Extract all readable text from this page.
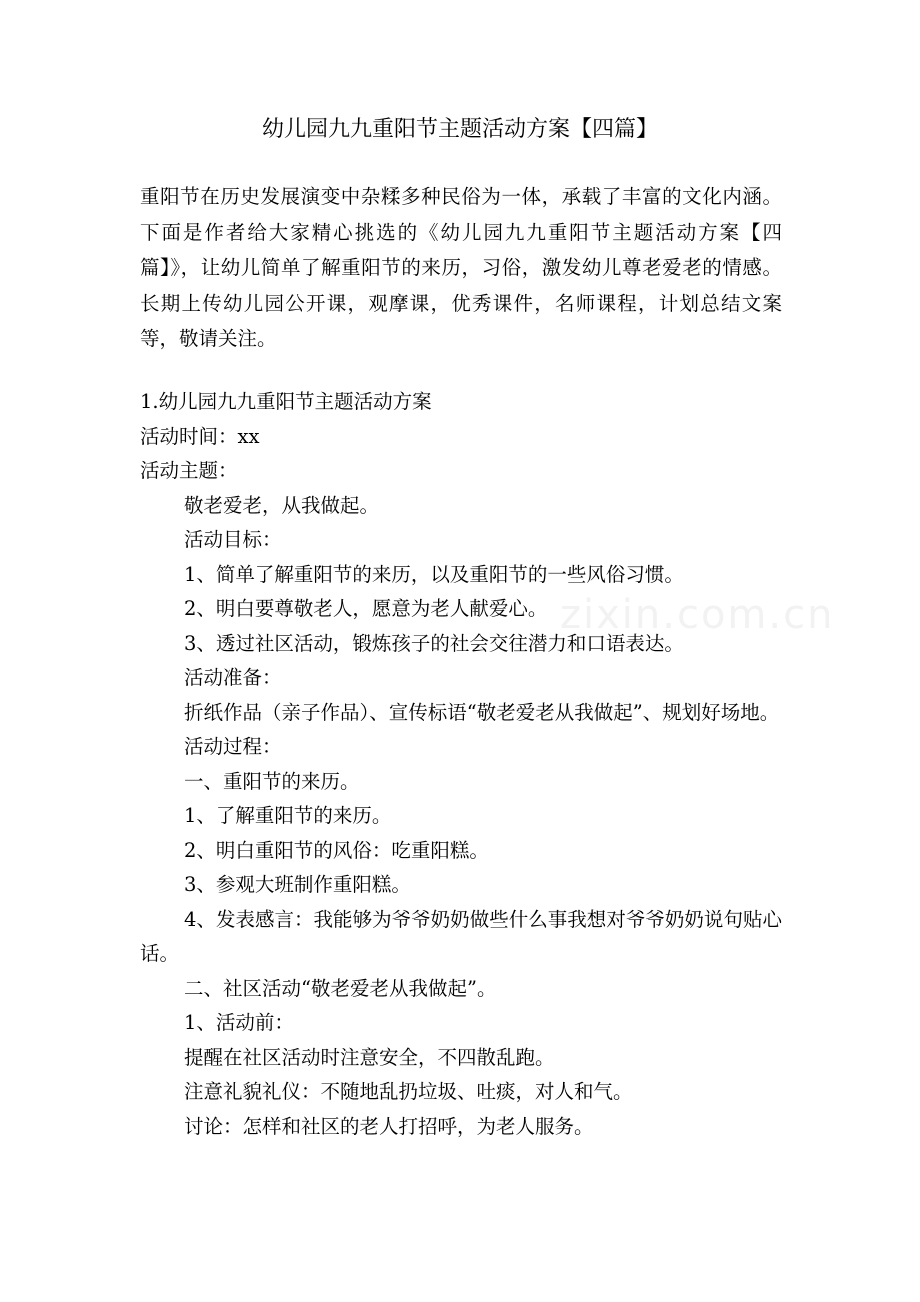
幼儿园九九重阳节主题活动方案【四篇】

重阳节在历史发展演变中杂糅多种民俗为一体，承载了丰富的文化内涵。下面是作者给大家精心挑选的《幼儿园九九重阳节主题活动方案【四篇】》，让幼儿简单了解重阳节的来历，习俗，激发幼儿尊老爱老的情感。长期上传幼儿园公开课，观摩课，优秀课件，名师课程，计划总结文案等，敬请关注。

1.幼儿园九九重阳节主题活动方案

活动时间：xx

活动主题：

敬老爱老，从我做起。

活动目标：

1、简单了解重阳节的来历，以及重阳节的一些风俗习惯。

2、明白要尊敬老人，愿意为老人献爱心。

3、透过社区活动，锻炼孩子的社会交往潜力和口语表达。

活动准备：

折纸作品（亲子作品）、宣传标语“敬老爱老从我做起”、规划好场地。

活动过程：

一、重阳节的来历。

1、了解重阳节的来历。

2、明白重阳节的风俗：吃重阳糕。

3、参观大班制作重阳糕。

4、发表感言：我能够为爷爷奶奶做些什么事我想对爷爷奶奶说句贴心话。

二、社区活动“敬老爱老从我做起”。

1、活动前：

提醒在社区活动时注意安全，不四散乱跑。

注意礼貌礼仪：不随地乱扔垃圾、吐痰，对人和气。

讨论：怎样和社区的老人打招呼，为老人服务。

zixin.com.cn
